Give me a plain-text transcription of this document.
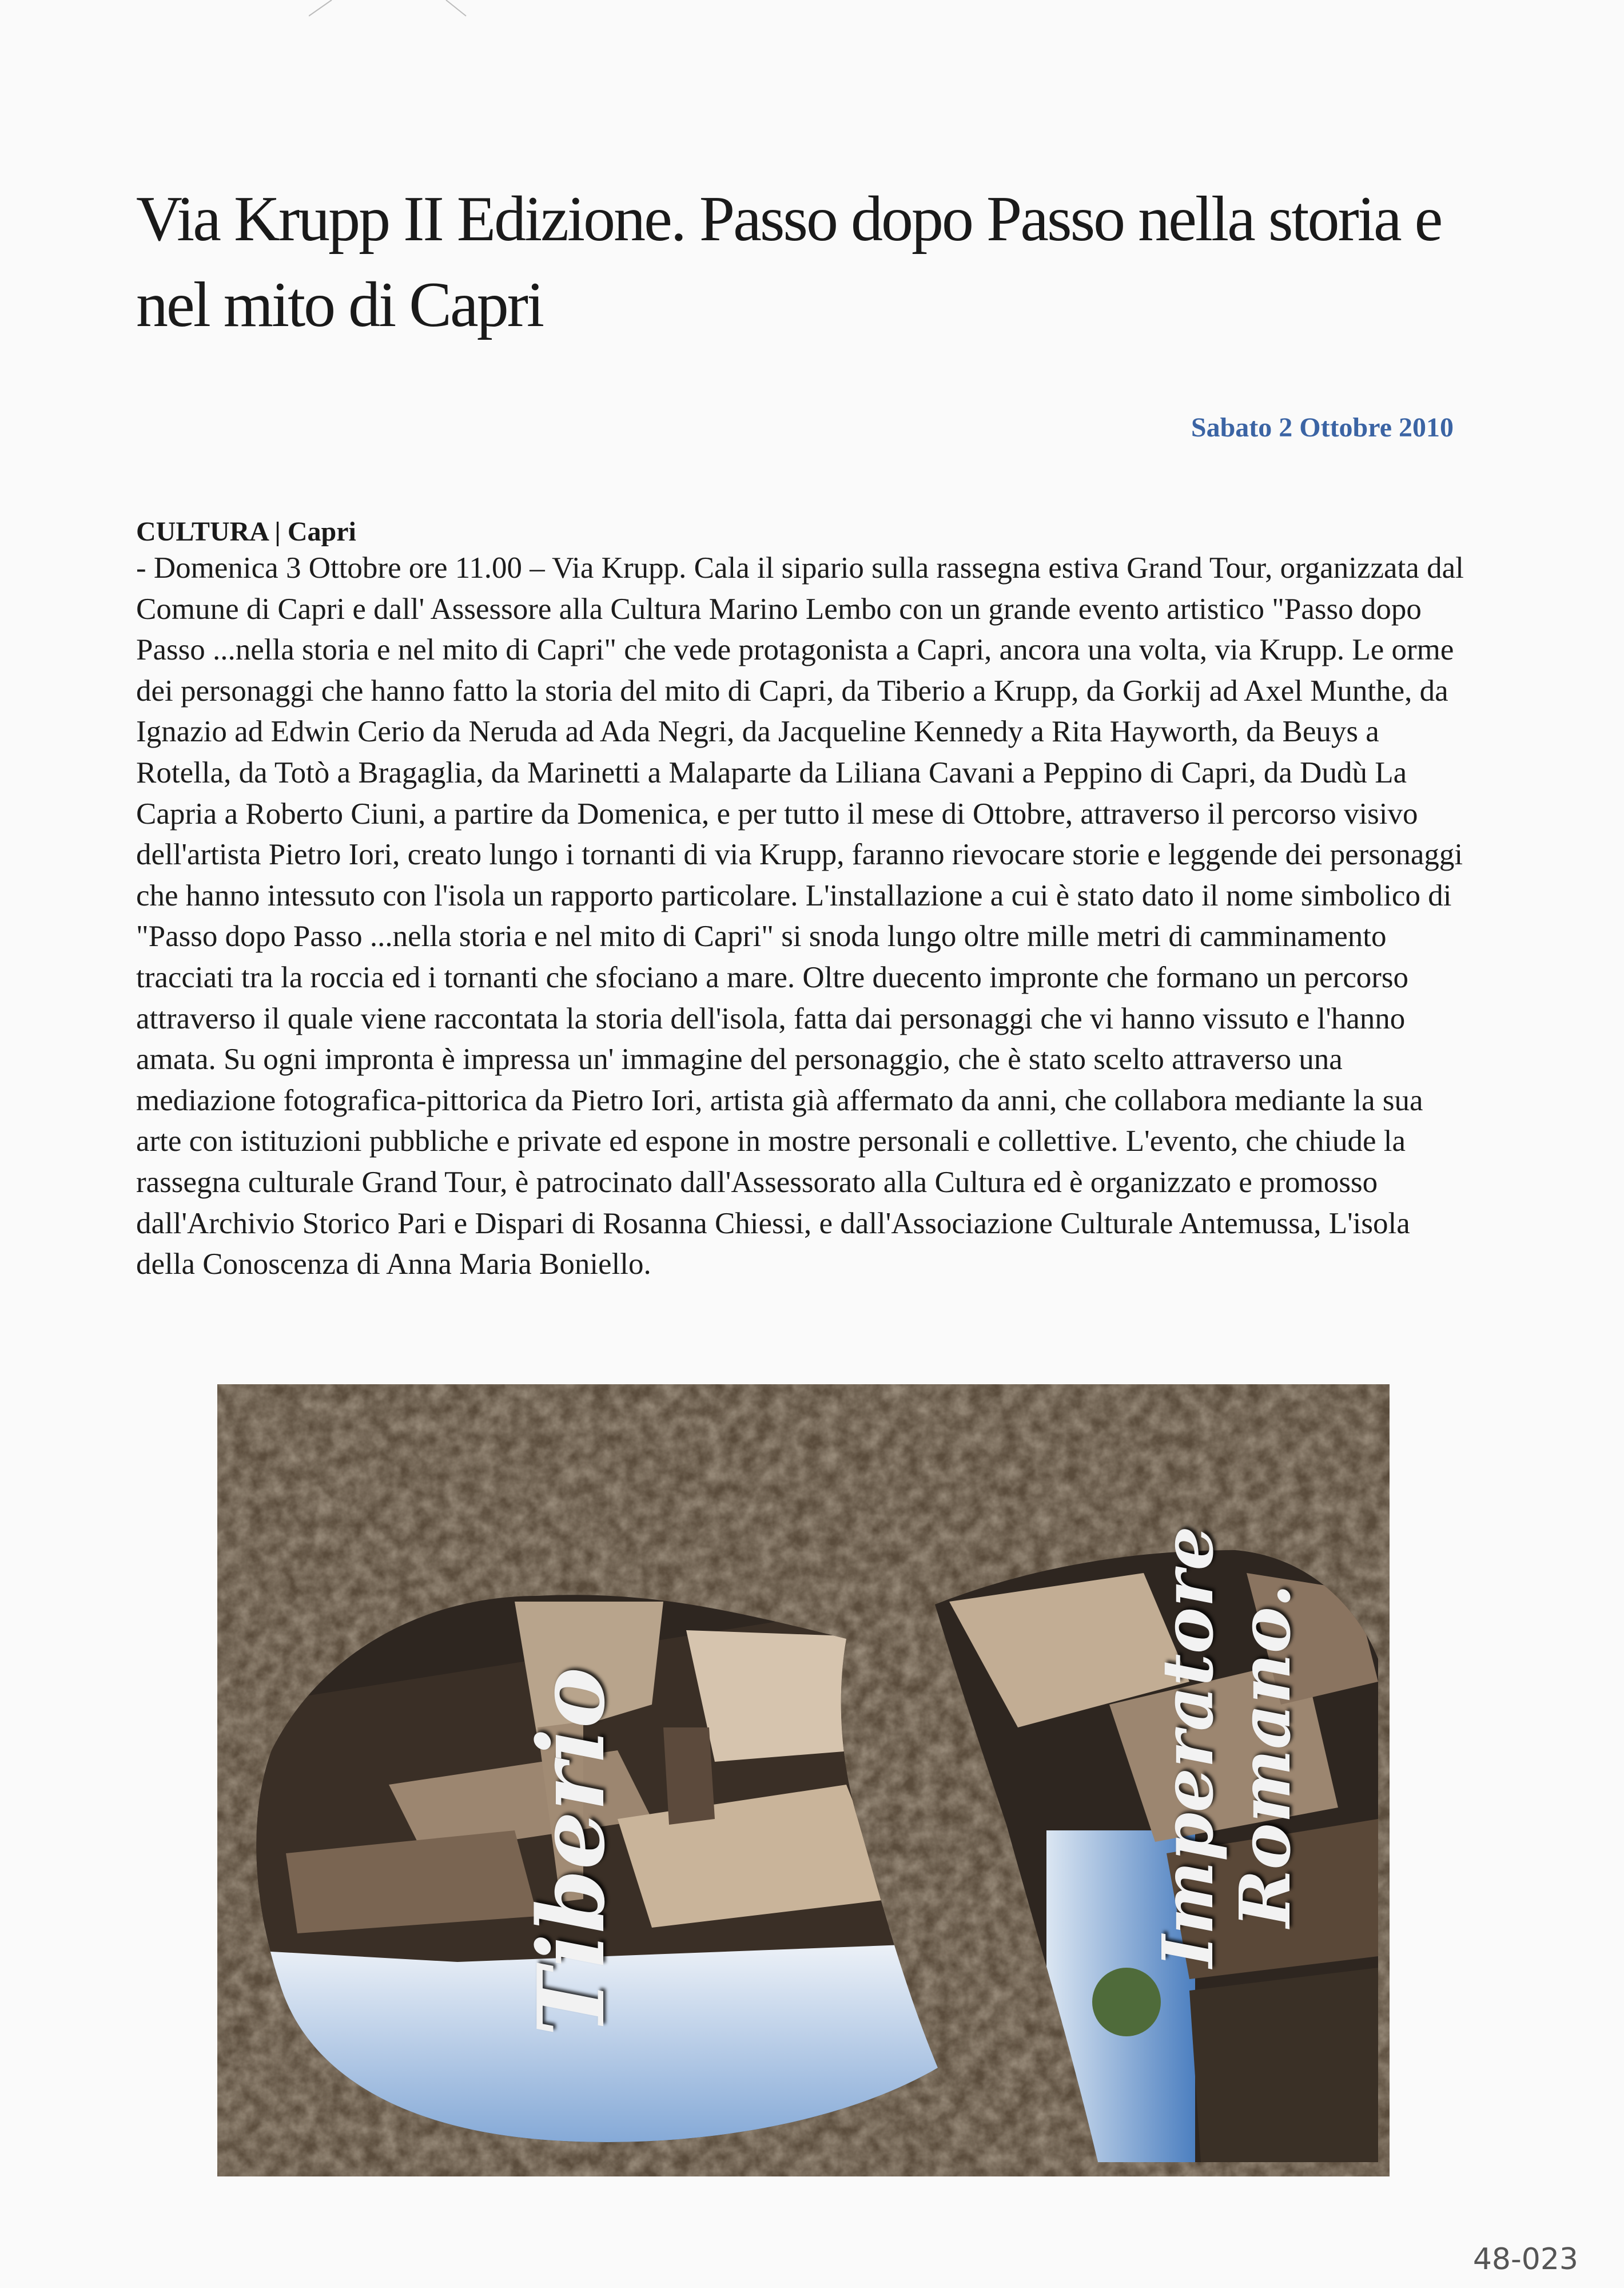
Via Krupp II Edizione. Passo dopo Passo nella storia e nel mito di Capri
Sabato 2 Ottobre 2010
CULTURA | Capri

- Domenica 3 Ottobre ore 11.00 – Via Krupp. Cala il sipario sulla rassegna estiva Grand Tour, organizzata dal Comune di Capri e dall' Assessore alla Cultura Marino Lembo con un grande evento artistico "Passo dopo Passo ...nella storia e nel mito di Capri" che vede protagonista a Capri, ancora una volta, via Krupp. Le orme dei personaggi che hanno fatto la storia del mito di Capri, da Tiberio a Krupp, da Gorkij ad Axel Munthe, da Ignazio ad Edwin Cerio da Neruda ad Ada Negri, da Jacqueline Kennedy a Rita Hayworth, da Beuys a Rotella, da Totò a Bragaglia, da Marinetti a Malaparte da Liliana Cavani a Peppino di Capri, da Dudù La Capria a Roberto Ciuni, a partire da Domenica, e per tutto il mese di Ottobre, attraverso il percorso visivo dell'artista Pietro Iori, creato lungo i tornanti di via Krupp, faranno rievocare storie e leggende dei personaggi che hanno intessuto con l'isola un rapporto particolare. L'installazione a cui è stato dato il nome simbolico di "Passo dopo Passo ...nella storia e nel mito di Capri" si snoda lungo oltre mille metri di camminamento tracciati tra la roccia ed i tornanti che sfociano a mare. Oltre duecento impronte che formano un percorso attraverso il quale viene raccontata la storia dell'isola, fatta dai personaggi che vi hanno vissuto e l'hanno amata. Su ogni impronta è impressa un' immagine del personaggio, che è stato scelto attraverso una mediazione fotografica-pittorica da Pietro Iori, artista già affermato da anni, che collabora mediante la sua arte con istituzioni pubbliche e private ed espone in mostre personali e collettive. L'evento, che chiude la rassegna culturale Grand Tour, è patrocinato dall'Assessorato alla Cultura ed è organizzato e promosso dall'Archivio Storico Pari e Dispari di Rosanna Chiessi, e dall'Associazione Culturale Antemussa, L'isola della Conoscenza di Anna Maria Boniello.

Tiberio	Imperatore
Romano.
48-023
